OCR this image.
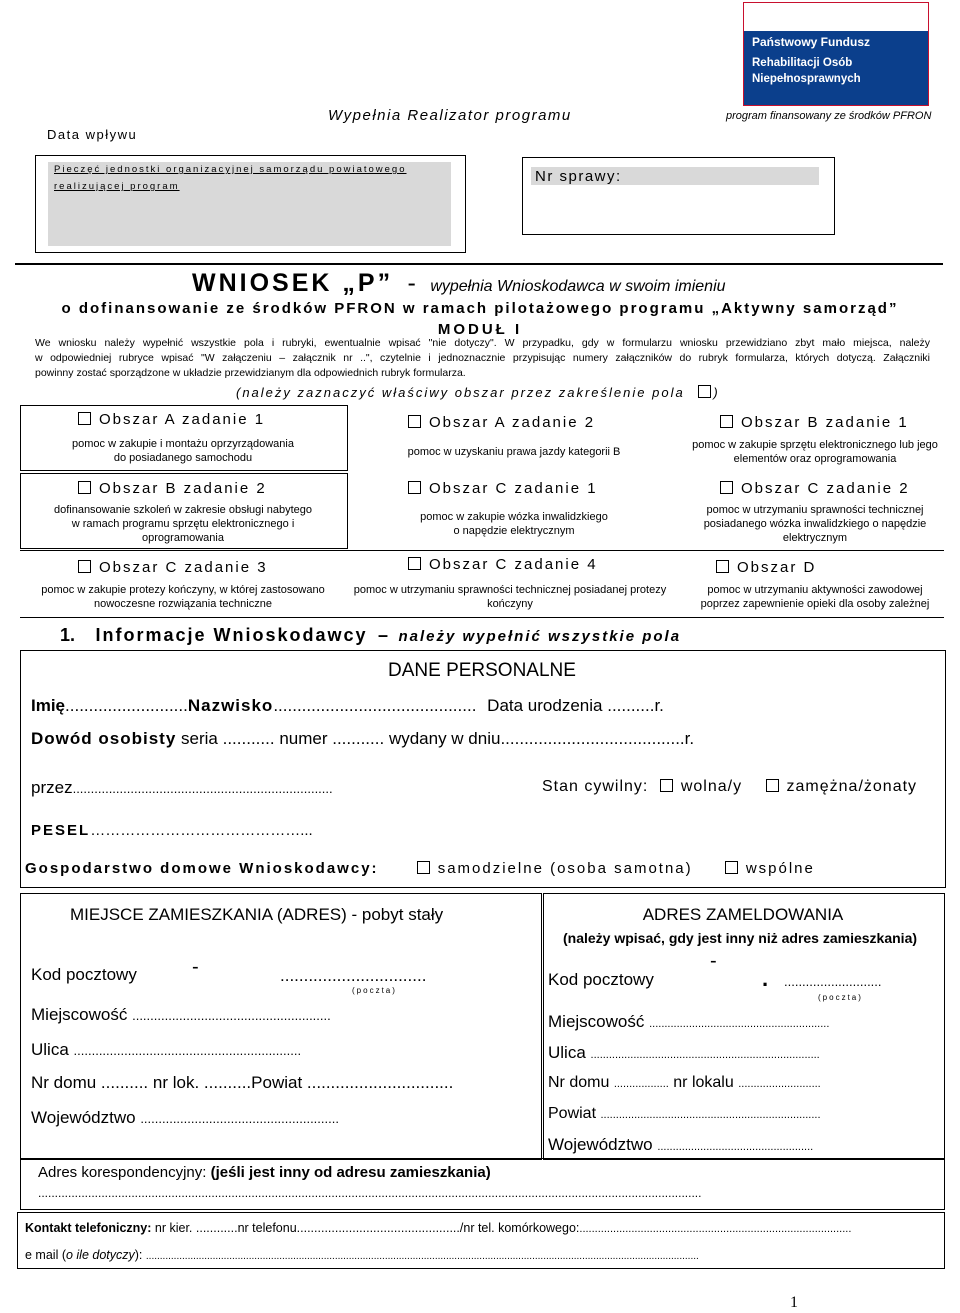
Data wpływu
Wypełnia Realizator programu	program finansowany ze środków PFRON
Państwowy Fundusz
Rehabilitacji Osób
Niepełnosprawnych
Pieczęć jednostki organizacyjnej samorządu powiatowego
realizującej program
Nr sprawy:
WNIOSEK „P” - wypełnia Wnioskodawca w swoim imieniu
o dofinansowanie ze środków PFRON w ramach pilotażowego programu „Aktywny samorząd”
MODUŁ I
We wniosku należy wypełnić wszystkie pola i rubryki, ewentualnie wpisać "nie dotyczy". W przypadku, gdy w formularzu wniosku przewidziano zbyt mało miejsca, należy
w odpowiedniej rubryce wpisać "W załączeniu – załącznik nr ..", czytelnie i jednoznacznie przypisując numery załączników do rubryk formularza, których dotyczą. Załączniki
powinny zostać sporządzone w układzie przewidzianym dla odpowiednich rubryk formularza.
(należy zaznaczyć właściwy obszar przez zakreślenie pola )
Obszar A zadanie 1
pomoc w zakupie i montażu oprzyrządowania
do posiadanego samochodu
Obszar A zadanie 2
pomoc w uzyskaniu prawa jazdy kategorii B
Obszar B zadanie 1
pomoc w zakupie sprzętu elektronicznego lub jego
elementów oraz oprogramowania
Obszar B zadanie 2
dofinansowanie szkoleń w zakresie obsługi nabytego
w ramach programu sprzętu elektronicznego i
oprogramowania
Obszar C zadanie 1
pomoc w zakupie wózka inwalidzkiego
o napędzie elektrycznym
Obszar C zadanie 2
pomoc w utrzymaniu sprawności technicznej
posiadanego wózka inwalidzkiego o napędzie
elektrycznym
Obszar C zadanie 3
pomoc w zakupie protezy kończyny, w której zastosowano
nowoczesne rozwiązania techniczne
Obszar C zadanie 4
pomoc w utrzymaniu sprawności technicznej posiadanej protezy
kończyny
Obszar D
pomoc w utrzymaniu aktywności zawodowej
poprzez zapewnienie opieki dla osoby zależnej
1. Informacje Wnioskodawcy – należy wypełnić wszystkie pola
DANE PERSONALNE
Imię..........................Nazwisko........................................... Data urodzenia ..........r.
Dowód osobisty seria ........... numer ........... wydany w dniu.......................................r.
przez........................................................................	Stan cywilny: wolna/y	zamężna/żonaty
PESEL……………………………………...
Gospodarstwo domowe Wnioskodawcy:	samodzielne (osoba samotna)	wspólne
MIEJSCE ZAMIESZKANIA (ADRES) - pobyt stały
Kod pocztowy	-	...............................
(poczta)
Miejscowość .......................................................
Ulica ...............................................................
Nr domu .......... nr lok. ..........Powiat ...............................
Województwo .......................................................
ADRES ZAMELDOWANIA
(należy wpisać, gdy jest inny niż adres zamieszkania)
Kod pocztowy
-
. ...........................
(poczta)
Miejscowość ...........................................................
Ulica ...........................................................................
Nr domu .................. nr lokalu ...........................
Powiat ........................................................................
Województwo ...................................................
Adres korespondencyjny: (jeśli jest inny od adresu zamieszkania)
.......................................................................................................................................................................................................
Kontakt telefoniczny: nr kier. ............nr telefonu.............................................../nr tel. komórkowego:.........................................................................................
e mail (o ile dotyczy): .......................................................................................................................................................................................................
1
